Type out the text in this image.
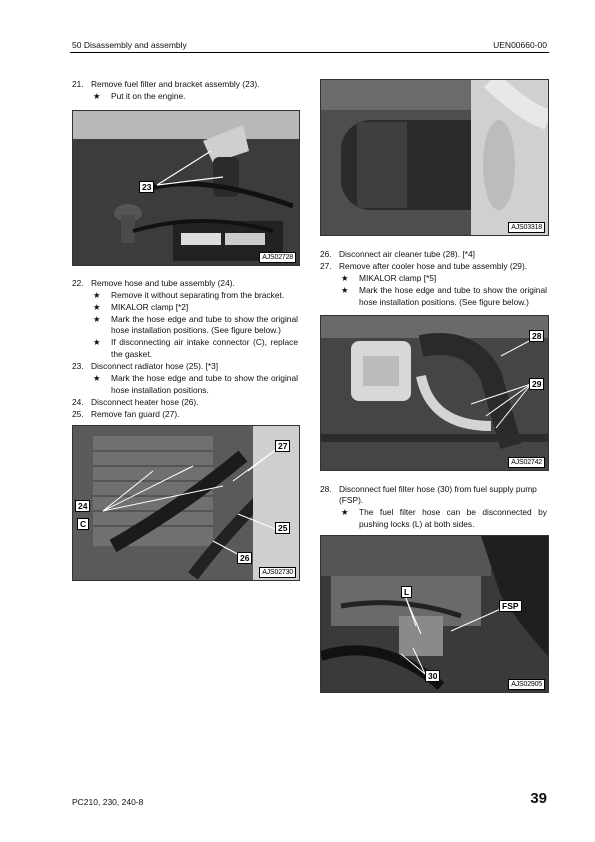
50 Disassembly and assembly	UEN00660-00
21. Remove fuel filter and bracket assembly (23).
★ Put it on the engine.
23
AJS02728
22. Remove hose and tube assembly (24).
★ Remove it without separating from the bracket.
★ MIKALOR clamp [*2]
★ Mark the hose edge and tube to show the original hose installation positions. (See figure below.)
★ If disconnecting air intake connector (C), replace the gasket.
23. Disconnect radiator hose (25). [*3]
★ Mark the hose edge and tube to show the original hose installation positions.
24. Disconnect heater hose (26).
25. Remove fan guard (27).
27
24
C	25
26
AJS02730
AJS03318
26. Disconnect air cleaner tube (28). [*4]
27. Remove after cooler hose and tube assembly (29).
★ MIKALOR clamp [*5]
★ Mark the hose edge and tube to show the original hose installation positions. (See figure below.)
28
29
AJS02742
28. Disconnect fuel filter hose (30) from fuel supply pump (FSP).
★ The fuel filter hose can be disconnected by pushing locks (L) at both sides.
L
FSP
30
AJS02905
PC210, 230, 240-8	39
